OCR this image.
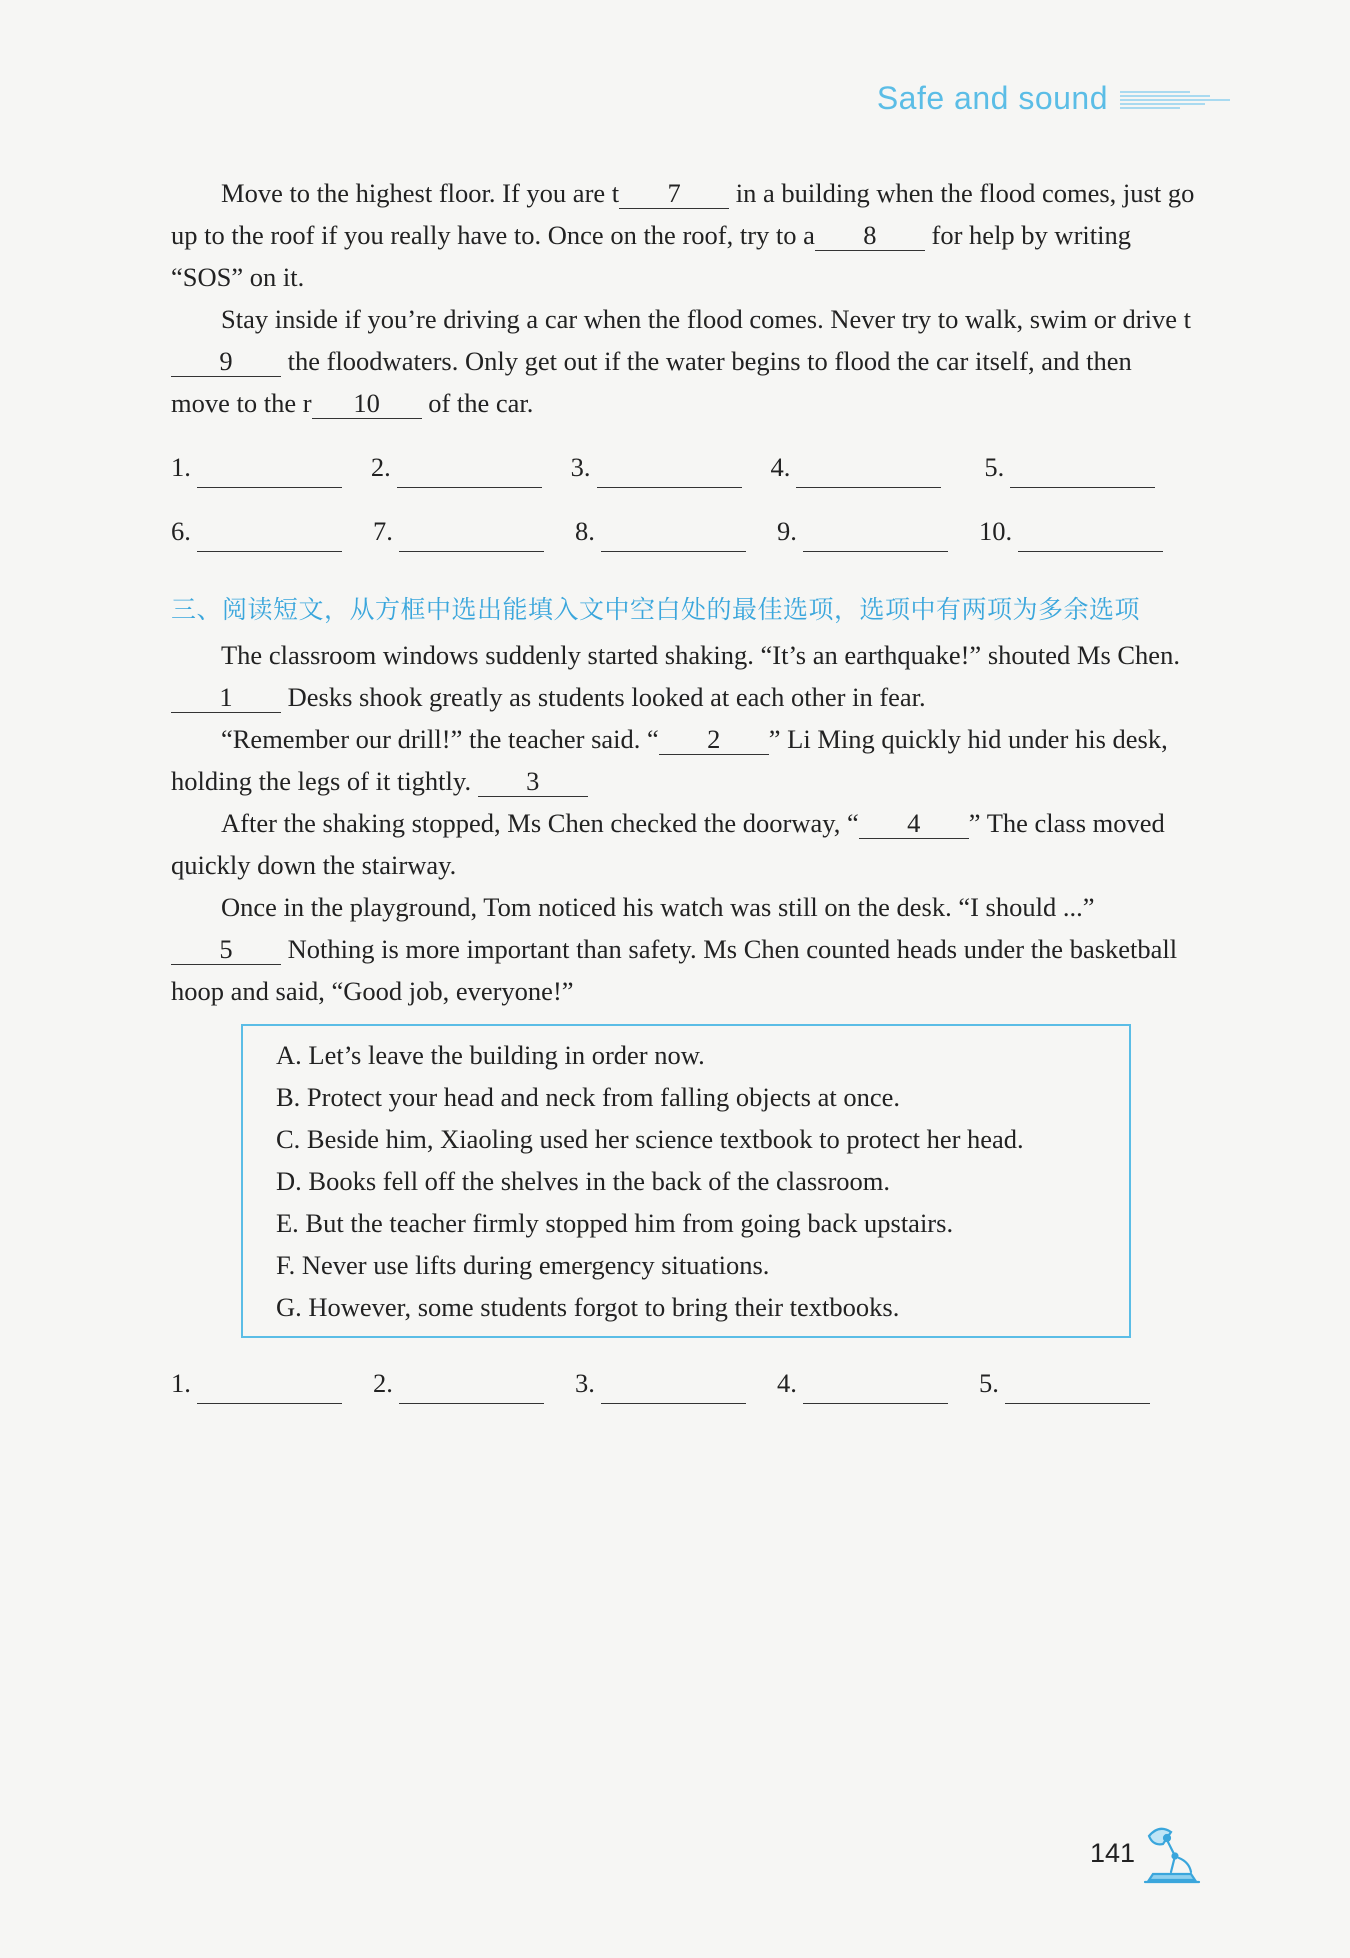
Safe and sound

Move to the highest floor. If you are t 7 in a building when the flood comes, just go up to the roof if you really have to. Once on the roof, try to a 8 for help by writing “SOS” on it.

Stay inside if you’re driving a car when the flood comes. Never try to walk, swim or drive t9 the floodwaters. Only get out if the water begins to flood the car itself, and then move to the r 10 of the car.

1.	2.	3.	4.	5.
6.	7.	8.	9.	10.
三、阅读短文，从方框中选出能填入文中空白处的最佳选项，选项中有两项为多余选项

The classroom windows suddenly started shaking. “It’s an earthquake!” shouted Ms Chen. 1 Desks shook greatly as students looked at each other in fear.

“Remember our drill!” the teacher said. “ 2 ” Li Ming quickly hid under his desk, holding the legs of it tightly. 3

After the shaking stopped, Ms Chen checked the doorway, “ 4 ” The class moved quickly down the stairway.

Once in the playground, Tom noticed his watch was still on the desk. “I should ...”

5 Nothing is more important than safety. Ms Chen counted heads under the basketball hoop and said, “Good job, everyone!”

A. Let’s leave the building in order now.

B. Protect your head and neck from falling objects at once.

C. Beside him, Xiaoling used her science textbook to protect her head.

D. Books fell off the shelves in the back of the classroom.

E. But the teacher firmly stopped him from going back upstairs.

F. Never use lifts during emergency situations.

G. However, some students forgot to bring their textbooks.

1.	2.	3.	4.	5.
141
